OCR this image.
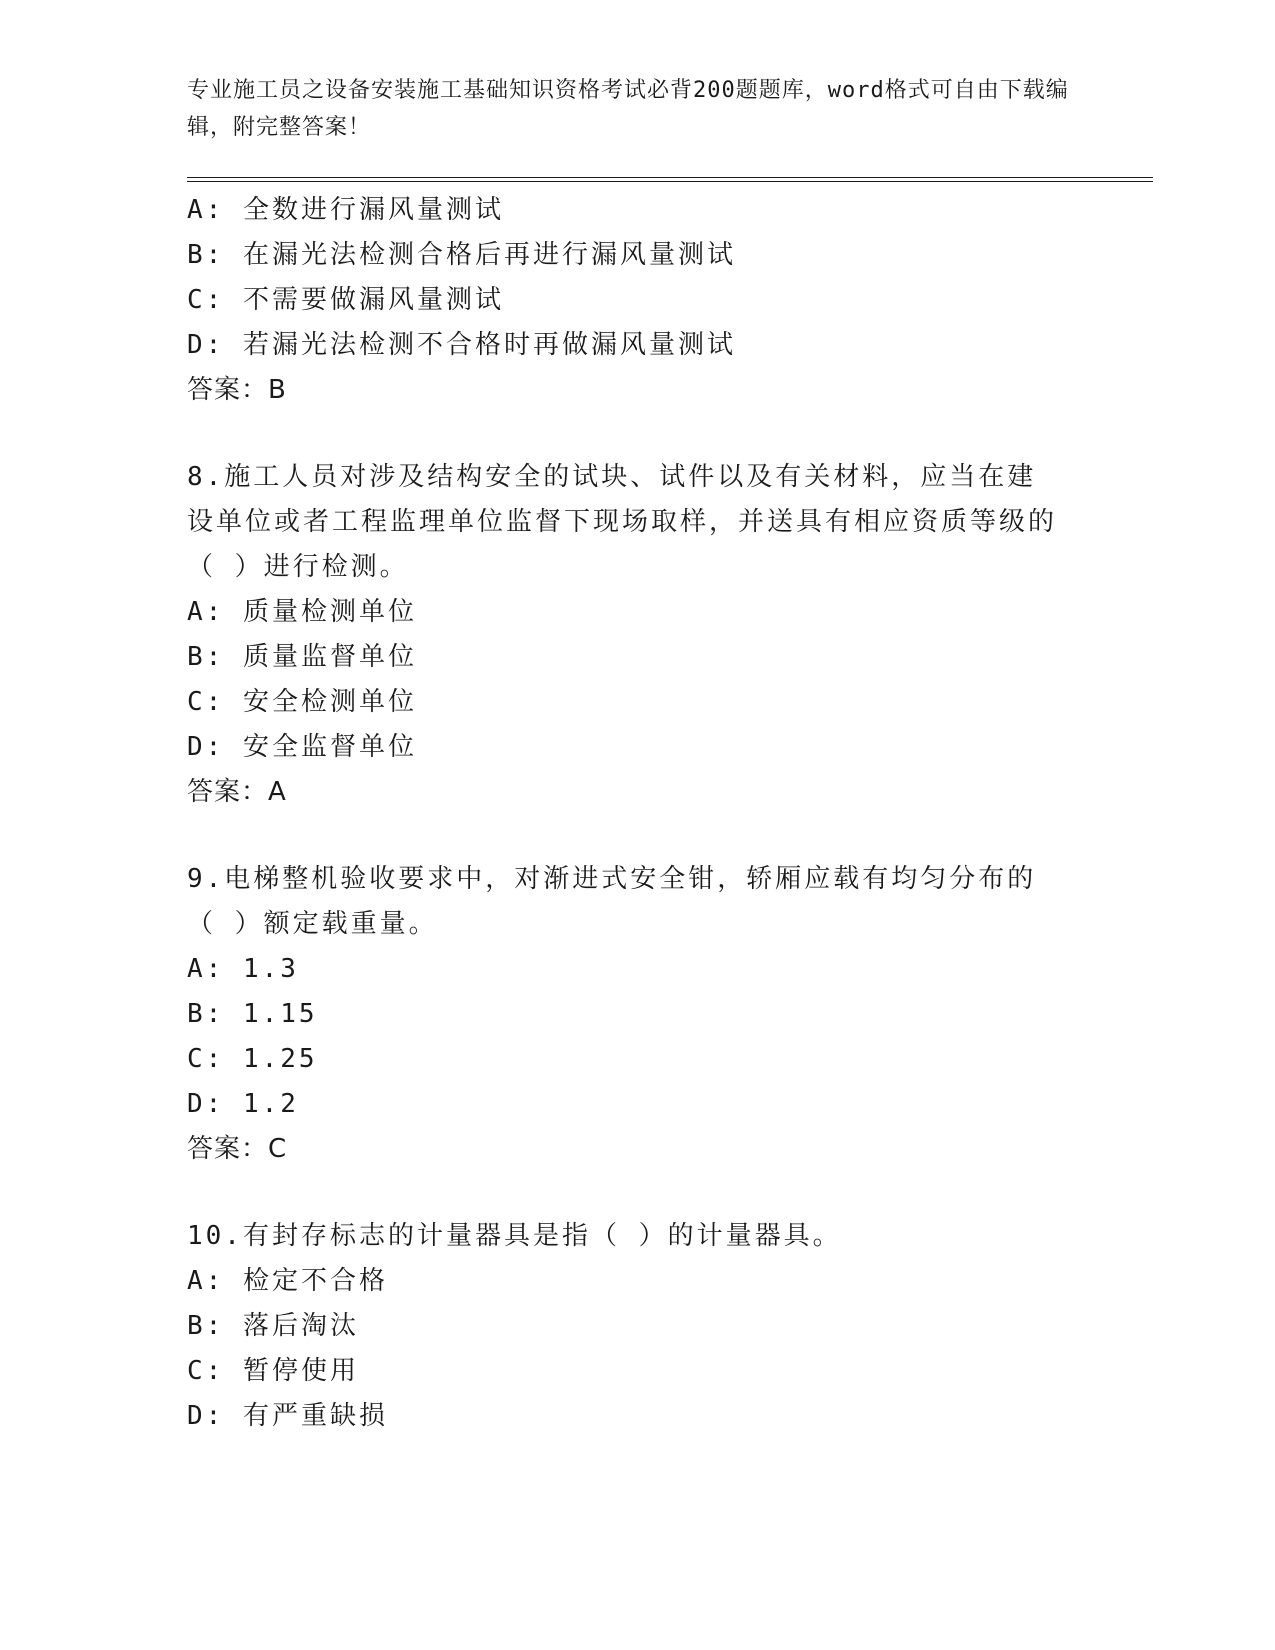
专业施工员之设备安装施工基础知识资格考试必背200题题库，word格式可自由下载编辑，附完整答案！
A: 全数进行漏风量测试
B: 在漏光法检测合格后再进行漏风量测试
C: 不需要做漏风量测试
D: 若漏光法检测不合格时再做漏风量测试
答案：B
8.施工人员对涉及结构安全的试块、试件以及有关材料，应当在建设单位或者工程监理单位监督下现场取样，并送具有相应资质等级的（ ）进行检测。
A: 质量检测单位
B: 质量监督单位
C: 安全检测单位
D: 安全监督单位
答案：A
9.电梯整机验收要求中，对渐进式安全钳，轿厢应载有均匀分布的（ ）额定载重量。
A: 1.3
B: 1.15
C: 1.25
D: 1.2
答案：C
10.有封存标志的计量器具是指（ ）的计量器具。
A: 检定不合格
B: 落后淘汰
C: 暂停使用
D: 有严重缺损
